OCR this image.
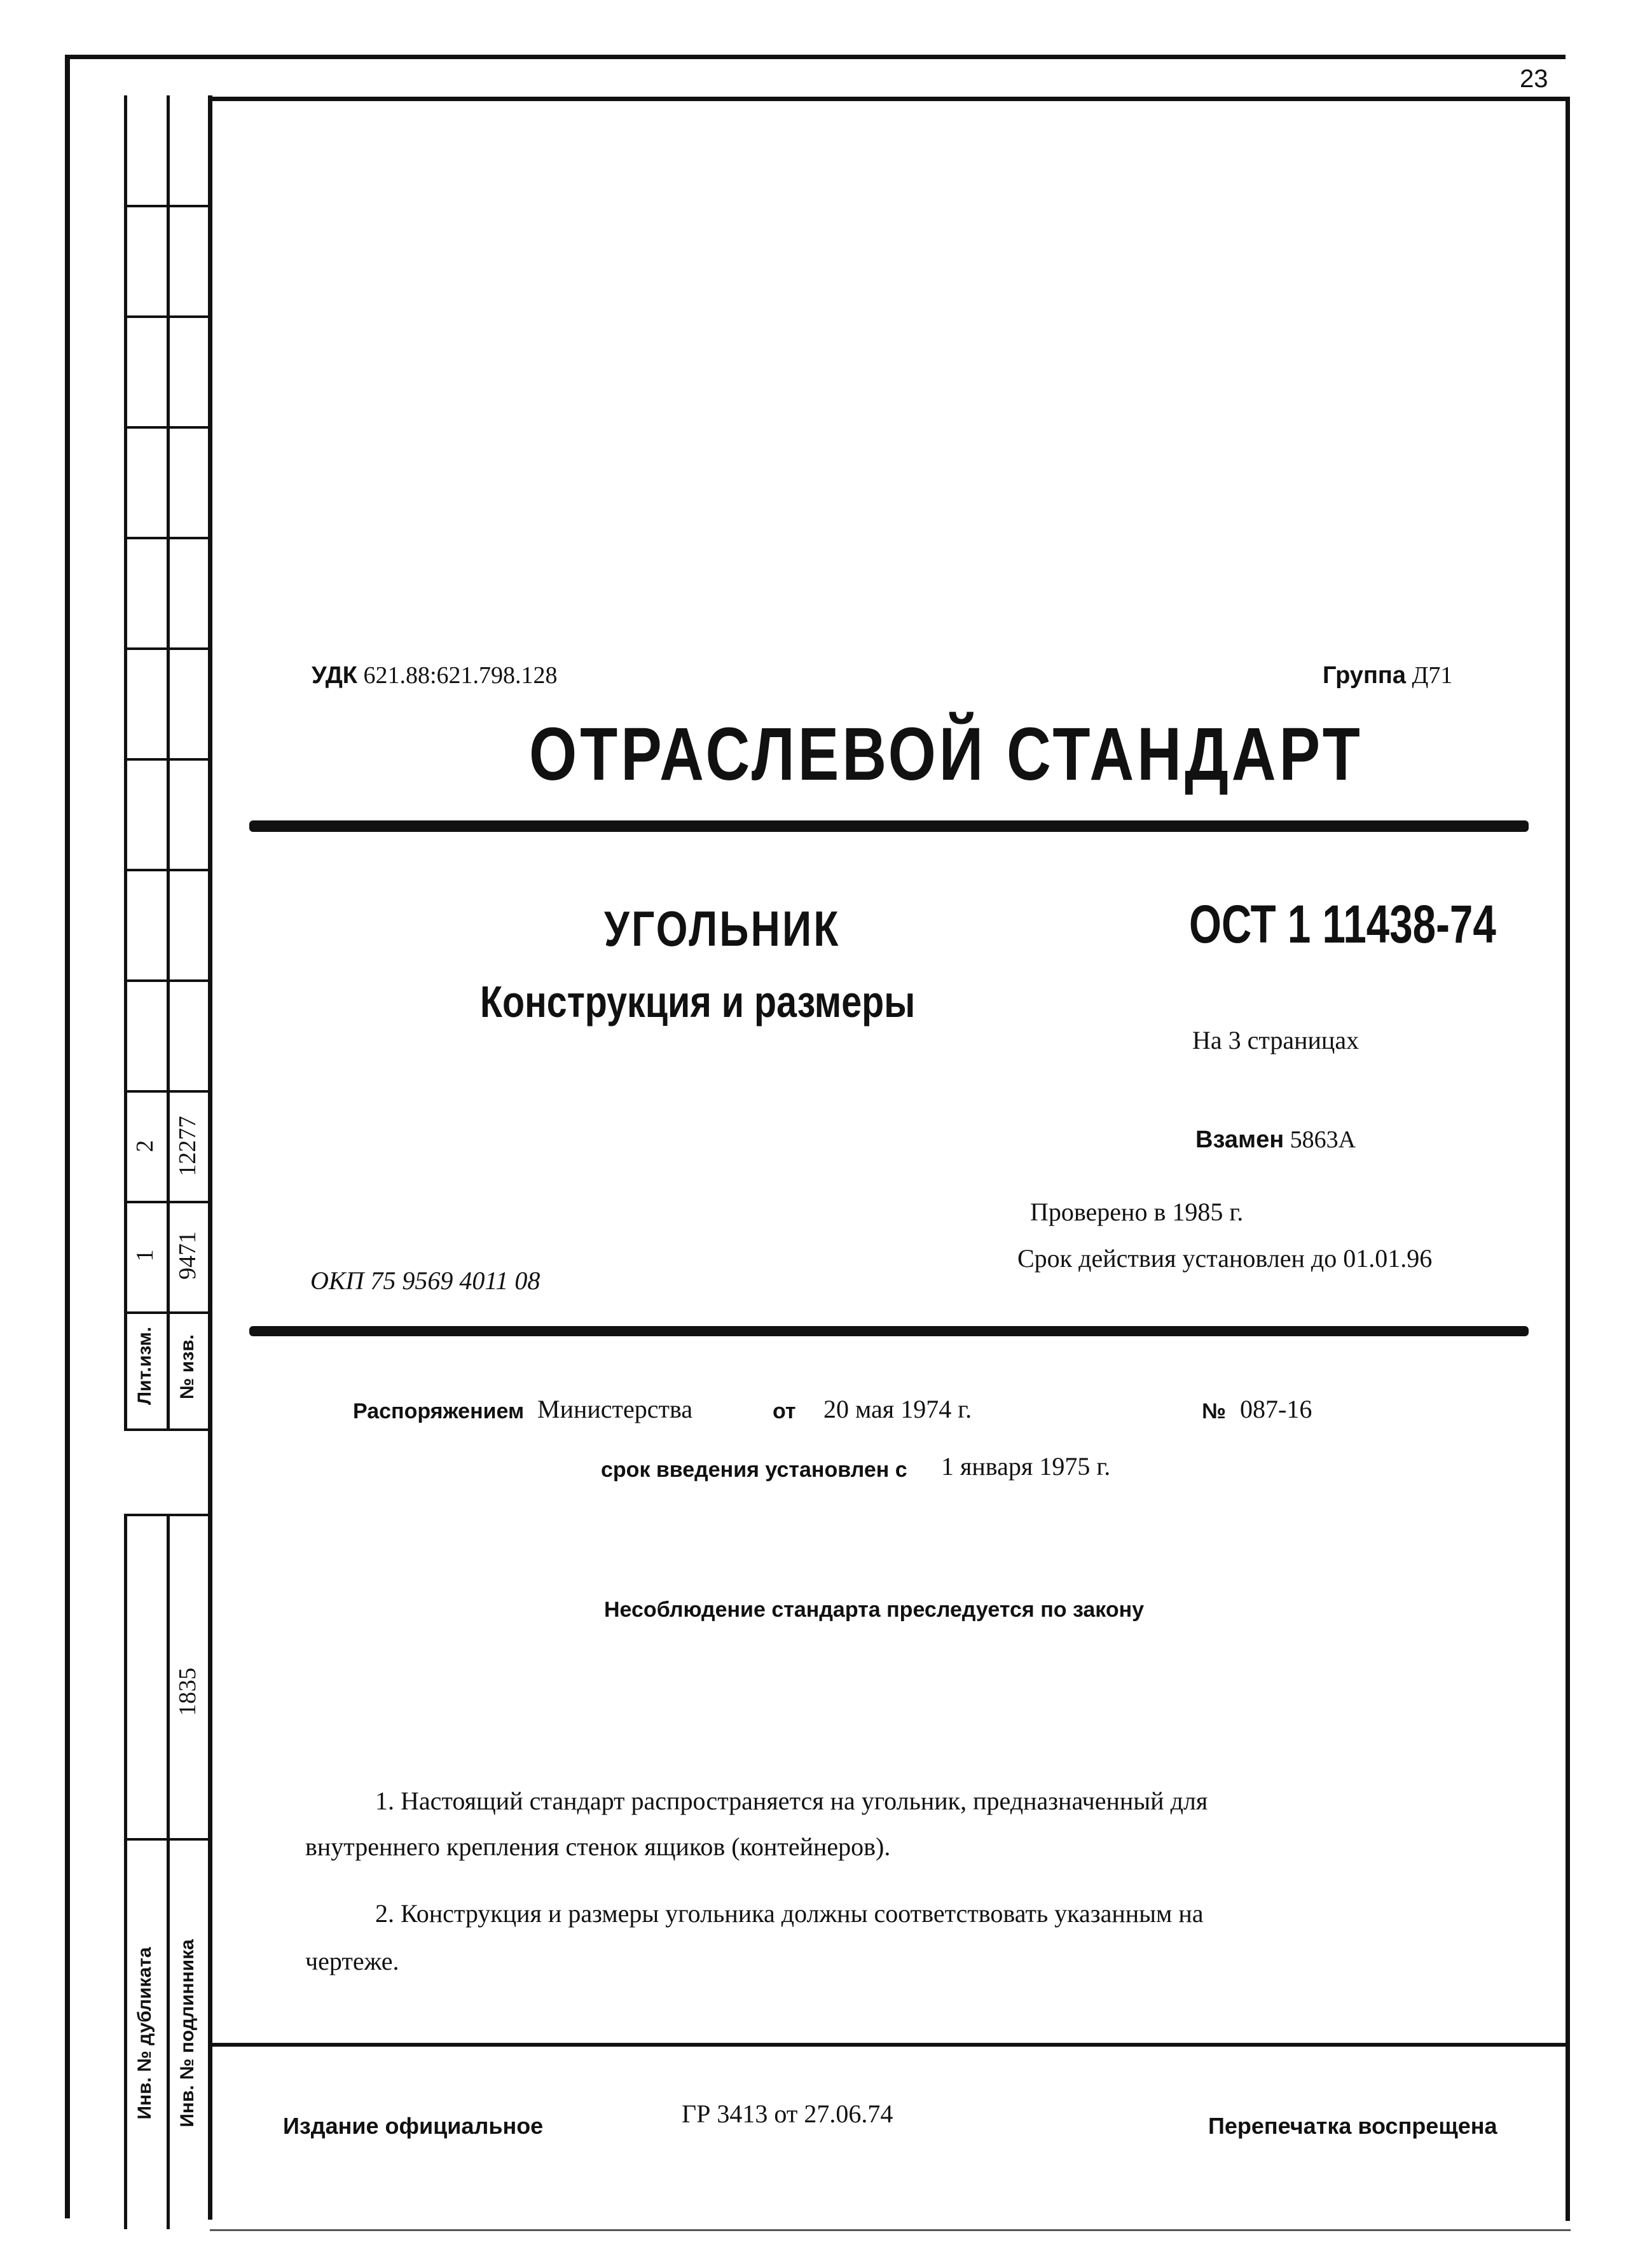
23
Лит.изм. № изв.
1 9471
2 12277
1835
Инв. № дубликата Инв. № подлинника
УДК 621.88:621.798.128	Группа Д71
ОТРАСЛЕВОЙ СТАНДАРТ
УГОЛЬНИК
Конструкция и размеры
ОСТ 1 11438-74
На 3 страницах
Взамен 5863А
Проверено в 1985 г.
Срок действия установлен до 01.01.96
ОКП 75 9569 4011 08
Распоряжением Министерства	от 20 мая 1974 г.	№ 087-16
срок введения установлен с 1 января 1975 г.
Несоблюдение стандарта преследуется по закону
1. Настоящий стандарт распространяется на угольник, предназначенный для
внутреннего крепления стенок ящиков (контейнеров).
2. Конструкция и размеры угольника должны соответствовать указанным на
чертеже.
Издание официальное	ГР 3413 от 27.06.74	Перепечатка воспрещена
